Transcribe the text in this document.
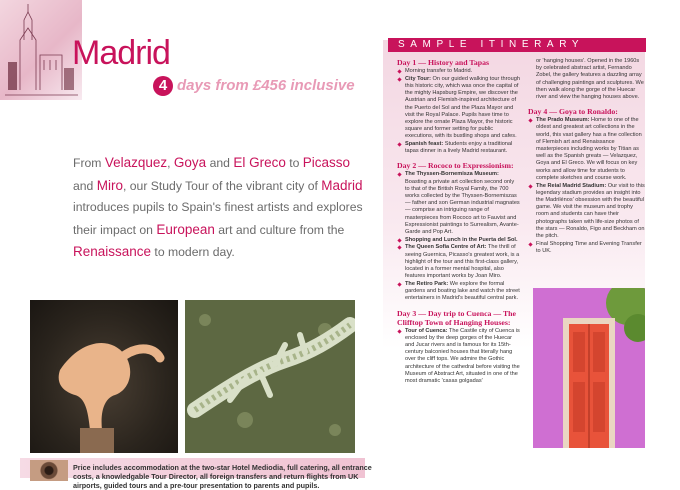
Madrid
4 days from £456 inclusive
From Velazquez, Goya and El Greco to Picasso and Miro, our Study Tour of the vibrant city of Madrid introduces pupils to Spain's finest artists and explores their impact on European art and culture from the Renaissance to modern day.
Price includes accommodation at the two-star Hotel Mediodia, full catering, all entrance costs, a knowledgable Tour Director, all foreign transfers and return flights from UK airports, guided tours and a pre-tour presentation to parents and pupils.
SAMPLE ITINERARY
Day 1 — History and Tapas
Morning transfer to Madrid.
City Tour: On our guided walking tour through this historic city, which was once the capital of the mighty Hapsburg Empire, we discover the Austrian and Flemish-inspired architecture of the Puerto del Sol and the Plaza Mayor and visit the Royal Palace. Pupils have time to explore the ornate Plaza Mayor, the historic square and former setting for public executions, with its bustling shops and cafes.
Spanish feast: Students enjoy a traditional tapas dinner in a lively Madrid restaurant.
Day 2 — Rococo to Expressionism:
The Thyssen-Bornemisza Museum: Boasting a private art collection second only to that of the British Royal Family, the 700 works collected by the Thyssen-Bornemiszas — father and son German industrial magnates — comprise an intriguing range of masterpieces from Rococo art to Fauvist and Expressionist paintings to Surrealism, Avante-Garde and Pop Art.
Shopping and Lunch in the Puerta del Sol.
The Queen Sofia Centre of Art: The thrill of seeing Guernica, Picasso's greatest work, is a highlight of the tour and this first-class gallery, located in a former mental hospital, also features important works by Joan Miro.
The Retiro Park: We explore the formal gardens and boating lake and watch the street entertainers in Madrid's beautiful central park.
Day 3 — Day trip to Cuenca — The Clifftop Town of Hanging Houses:
Tour of Cuenca: The Castile city of Cuenca is enclosed by the deep gorges of the Huecar and Jucar rivers and is famous for its 15th-century balconied houses that literally hang over the cliff tops. We admire the Gothic architecture of the cathedral before visiting the Museum of Abstract Art, situated in one of the most dramatic 'casas golgadas'
or 'hanging houses'. Opened in the 1960s by celebrated abstract artist, Fernando Zobel, the gallery features a dazzling array of challenging paintings and sculptures. We then walk along the gorge of the Huecar river and view the hanging houses above.
Day 4 — Goya to Ronaldo:
The Prado Museum: Home to one of the oldest and greatest art collections in the world, this vast gallery has a fine collection of Flemish art and Renaissance masterpieces including works by Titian as well as the Spanish greats — Velazquez, Goya and El Greco. We will focus on key works and allow time for students to complete sketches and course work.
The Reial Madrid Stadium: Our visit to this legendary stadium provides an insight into the Madrilénos' obsession with the beautiful game. We visit the museum and trophy room and students can have their photographs taken with life-size photos of the stars — Ronaldo, Figo and Beckham on the pitch.
Final Shopping Time and Evening Transfer to UK.
